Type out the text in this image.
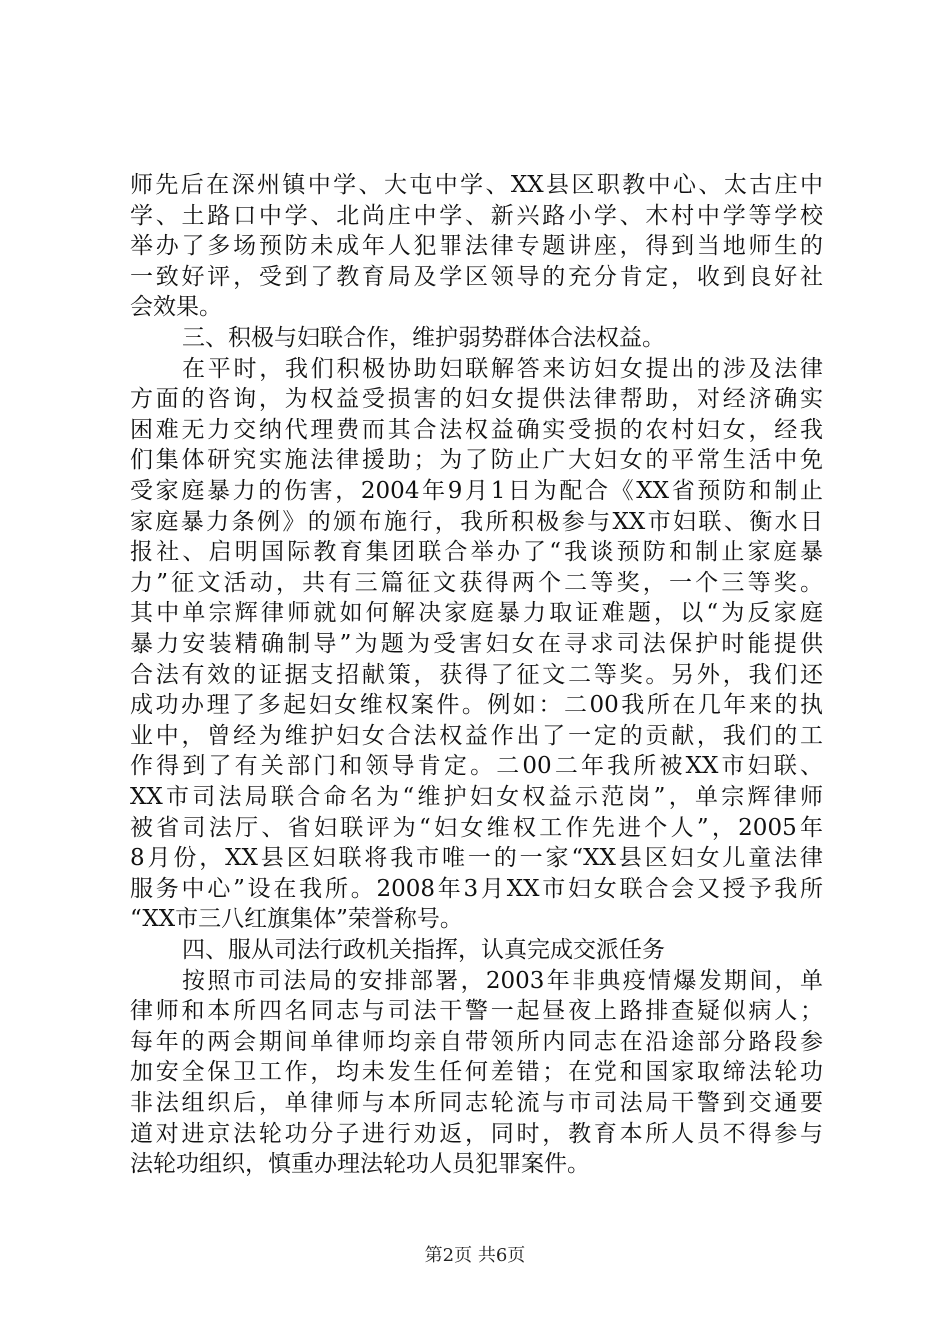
师先后在深州镇中学、大屯中学、XX县区职教中心、太古庄中
学、土路口中学、北尚庄中学、新兴路小学、木村中学等学校
举办了多场预防未成年人犯罪法律专题讲座，得到当地师生的
一致好评，受到了教育局及学区领导的充分肯定，收到良好社
会效果。
三、积极与妇联合作，维护弱势群体合法权益。
在平时，我们积极协助妇联解答来访妇女提出的涉及法律
方面的咨询，为权益受损害的妇女提供法律帮助，对经济确实
困难无力交纳代理费而其合法权益确实受损的农村妇女，经我
们集体研究实施法律援助；为了防止广大妇女的平常生活中免
受家庭暴力的伤害，2004年9月1日为配合《XX省预防和制止
家庭暴力条例》的颁布施行，我所积极参与XX市妇联、衡水日
报社、启明国际教育集团联合举办了“我谈预防和制止家庭暴
力”征文活动，共有三篇征文获得两个二等奖，一个三等奖。
其中单宗辉律师就如何解决家庭暴力取证难题，以“为反家庭
暴力安装精确制导”为题为受害妇女在寻求司法保护时能提供
合法有效的证据支招献策，获得了征文二等奖。另外，我们还
成功办理了多起妇女维权案件。例如：二00我所在几年来的执
业中，曾经为维护妇女合法权益作出了一定的贡献，我们的工
作得到了有关部门和领导肯定。二00二年我所被XX市妇联、
XX市司法局联合命名为“维护妇女权益示范岗”，单宗辉律师
被省司法厅、省妇联评为“妇女维权工作先进个人”，2005年
8月份，XX县区妇联将我市唯一的一家“XX县区妇女儿童法律
服务中心”设在我所。2008年3月XX市妇女联合会又授予我所
“XX市三八红旗集体”荣誉称号。
四、服从司法行政机关指挥，认真完成交派任务
按照市司法局的安排部署，2003年非典疫情爆发期间，单
律师和本所四名同志与司法干警一起昼夜上路排查疑似病人；
每年的两会期间单律师均亲自带领所内同志在沿途部分路段参
加安全保卫工作，均未发生任何差错；在党和国家取缔法轮功
非法组织后，单律师与本所同志轮流与市司法局干警到交通要
道对进京法轮功分子进行劝返，同时，教育本所人员不得参与
法轮功组织，慎重办理法轮功人员犯罪案件。
第2页 共6页
